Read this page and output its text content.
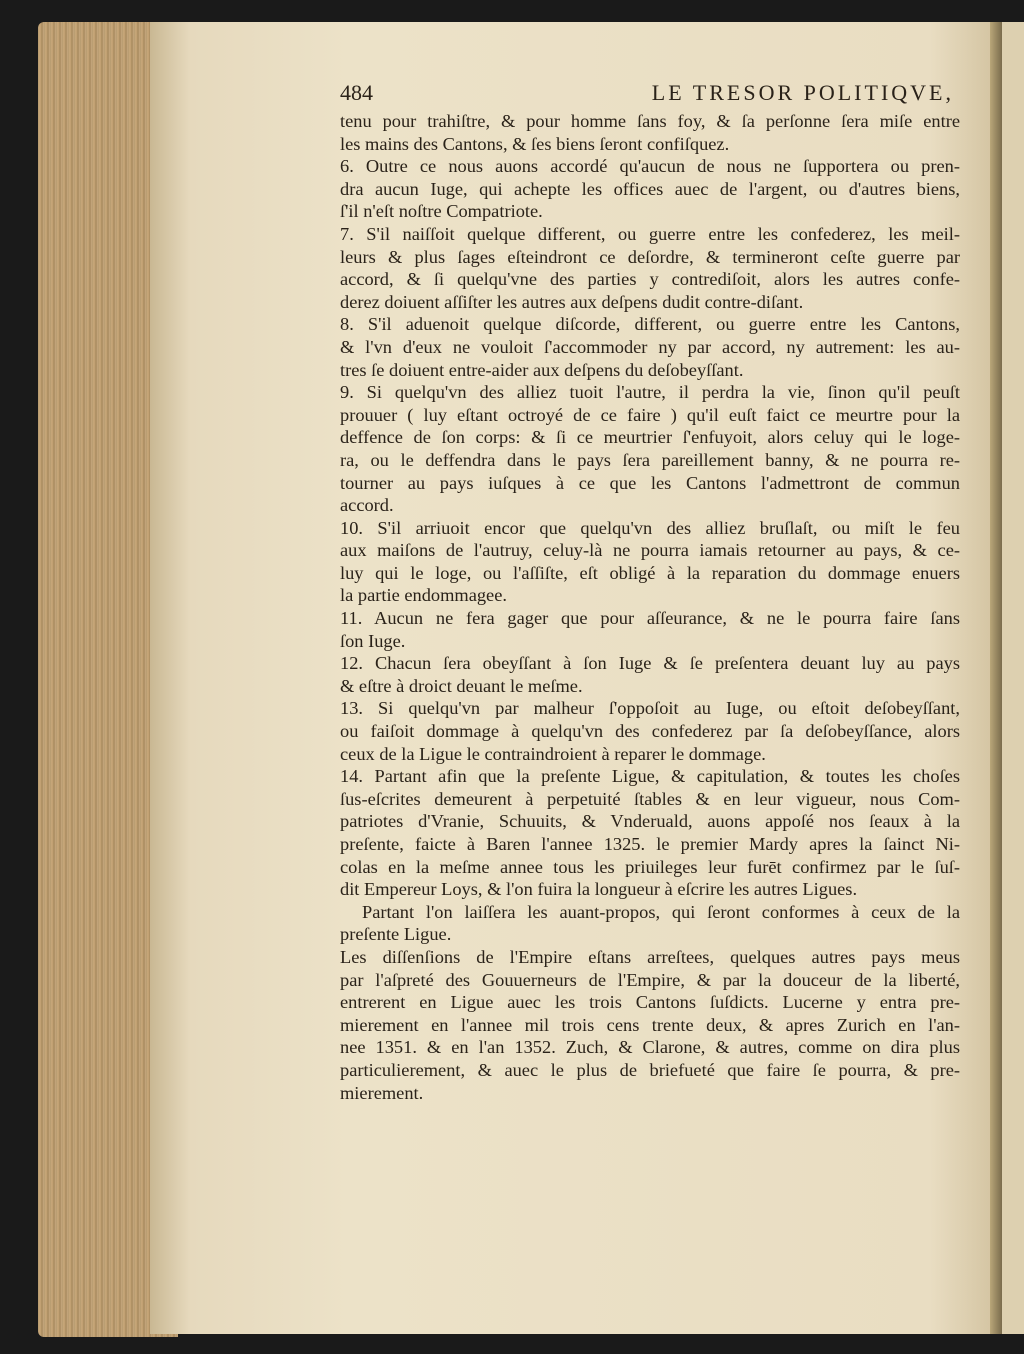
484	LE TRESOR POLITIQVE,
tenu pour trahiſtre, & pour homme ſans foy, & ſa perſonne ſera miſe entre
les mains des Cantons, & ſes biens ſeront confiſquez.
6. Outre ce nous auons accordé qu'aucun de nous ne ſupportera ou pren-
dra aucun Iuge, qui achepte les offices auec de l'argent, ou d'autres biens,
ſ'il n'eſt noſtre Compatriote.
7. S'il naiſſoit quelque different, ou guerre entre les confederez, les meil-
leurs & plus ſages eſteindront ce deſordre, & termineront ceſte guerre par
accord, & ſi quelqu'vne des parties y contrediſoit, alors les autres confe-
derez doiuent aſſiſter les autres aux deſpens dudit contre-diſant.
8. S'il aduenoit quelque diſcorde, different, ou guerre entre les Cantons,
& l'vn d'eux ne vouloit ſ'accommoder ny par accord, ny autrement: les au-
tres ſe doiuent entre-aider aux deſpens du deſobeyſſant.
9. Si quelqu'vn des alliez tuoit l'autre, il perdra la vie, ſinon qu'il peuſt
prouuer ( luy eſtant octroyé de ce faire ) qu'il euſt faict ce meurtre pour la
deffence de ſon corps: & ſi ce meurtrier ſ'enfuyoit, alors celuy qui le loge-
ra, ou le deffendra dans le pays ſera pareillement banny, & ne pourra re-
tourner au pays iuſques à ce que les Cantons l'admettront de commun
accord.
10. S'il arriuoit encor que quelqu'vn des alliez bruſlaſt, ou miſt le feu
aux maiſons de l'autruy, celuy-là ne pourra iamais retourner au pays, & ce-
luy qui le loge, ou l'aſſiſte, eſt obligé à la reparation du dommage enuers
la partie endommagee.
11. Aucun ne fera gager que pour aſſeurance, & ne le pourra faire ſans
ſon Iuge.
12. Chacun ſera obeyſſant à ſon Iuge & ſe preſentera deuant luy au pays
& eſtre à droict deuant le meſme.
13. Si quelqu'vn par malheur ſ'oppoſoit au Iuge, ou eſtoit deſobeyſſant,
ou faiſoit dommage à quelqu'vn des confederez par ſa deſobeyſſance, alors
ceux de la Ligue le contraindroient à reparer le dommage.
14. Partant afin que la preſente Ligue, & capitulation, & toutes les choſes
ſus-eſcrites demeurent à perpetuité ſtables & en leur vigueur, nous Com-
patriotes d'Vranie, Schuuits, & Vnderuald, auons appoſé nos ſeaux à la
preſente, faicte à Baren l'annee 1325. le premier Mardy apres la ſainct Ni-
colas en la meſme annee tous les priuileges leur furēt confirmez par le ſuſ-
dit Empereur Loys, & l'on fuira la longueur à eſcrire les autres Ligues.
Partant l'on laiſſera les auant-propos, qui ſeront conformes à ceux de la
preſente Ligue.
Les diſſenſions de l'Empire eſtans arreſtees, quelques autres pays meus
par l'aſpreté des Gouuerneurs de l'Empire, & par la douceur de la liberté,
entrerent en Ligue auec les trois Cantons ſuſdicts. Lucerne y entra pre-
mierement en l'annee mil trois cens trente deux, & apres Zurich en l'an-
nee 1351. & en l'an 1352. Zuch, & Clarone, & autres, comme on dira plus
particulierement, & auec le plus de briefueté que faire ſe pourra, & pre-
mierement.
